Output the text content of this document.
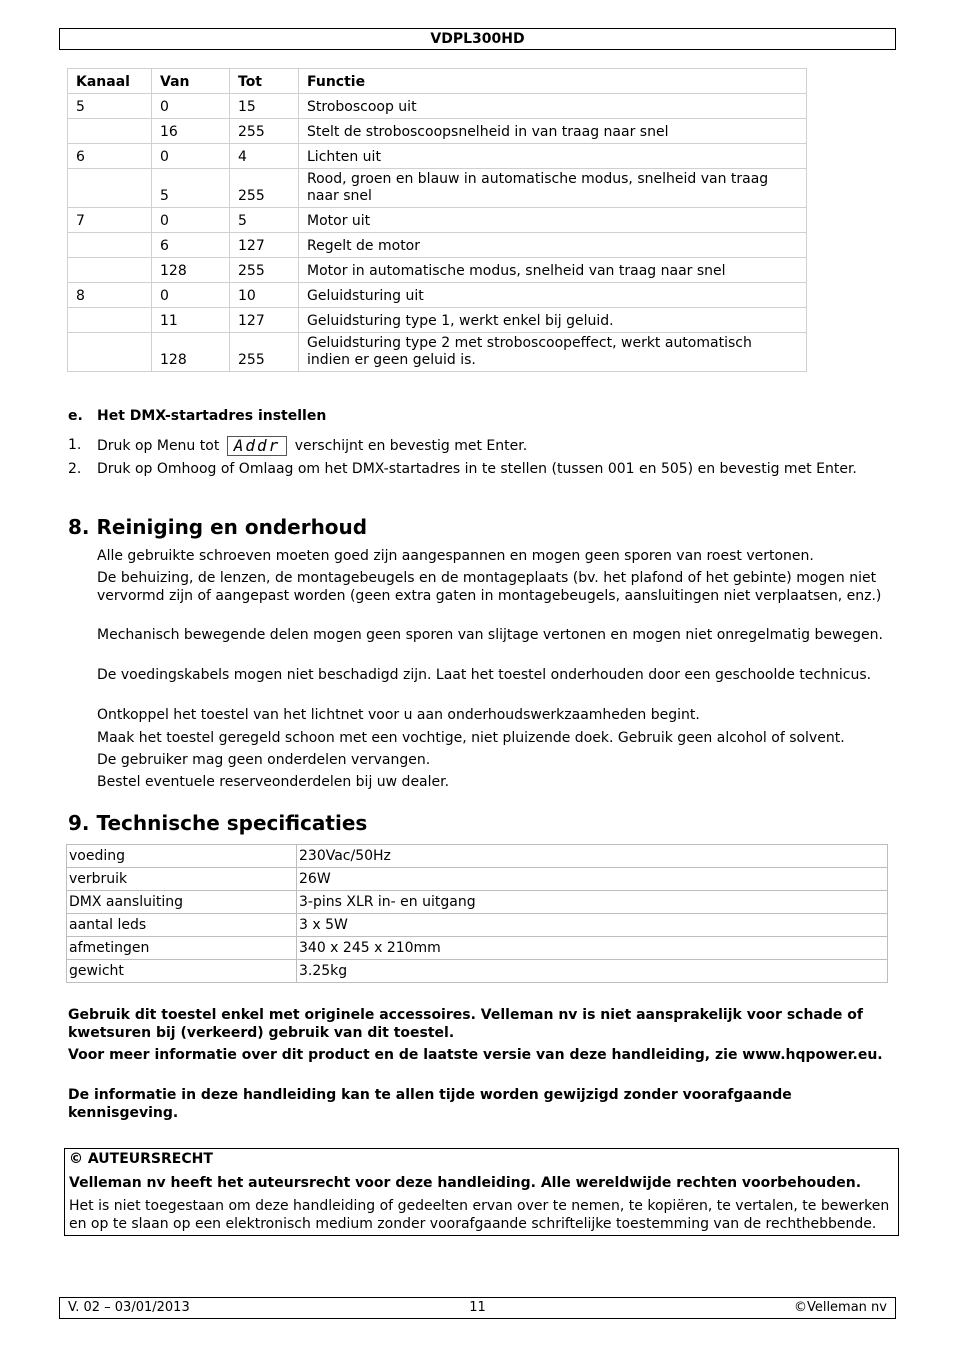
VDPL300HD
Kanaal	Van	Tot	Functie
5	0	15	Stroboscoop uit
	16	255	Stelt de stroboscoopsnelheid in van traag naar snel
6	0	4	Lichten uit
	5	255	Rood, groen en blauw in automatische modus, snelheid van traag naar snel
7	0	5	Motor uit
	6	127	Regelt de motor
	128	255	Motor in automatische modus, snelheid van traag naar snel
8	0	10	Geluidsturing uit
	11	127	Geluidsturing type 1, werkt enkel bij geluid.
	128	255	Geluidsturing type 2 met stroboscoopeffect, werkt automatisch indien er geen geluid is.
e. Het DMX-startadres instellen
1. Druk op Menu tot Addr verschijnt en bevestig met Enter.
2. Druk op Omhoog of Omlaag om het DMX-startadres in te stellen (tussen 001 en 505) en bevestig met Enter.
8. Reiniging en onderhoud
Alle gebruikte schroeven moeten goed zijn aangespannen en mogen geen sporen van roest vertonen.
De behuizing, de lenzen, de montagebeugels en de montageplaats (bv. het plafond of het gebinte) mogen niet vervormd zijn of aangepast worden (geen extra gaten in montagebeugels, aansluitingen niet verplaatsen, enz.)
Mechanisch bewegende delen mogen geen sporen van slijtage vertonen en mogen niet onregelmatig bewegen.
De voedingskabels mogen niet beschadigd zijn. Laat het toestel onderhouden door een geschoolde technicus.
Ontkoppel het toestel van het lichtnet voor u aan onderhoudswerkzaamheden begint.
Maak het toestel geregeld schoon met een vochtige, niet pluizende doek. Gebruik geen alcohol of solvent.
De gebruiker mag geen onderdelen vervangen.
Bestel eventuele reserveonderdelen bij uw dealer.
9. Technische specificaties
voeding	230Vac/50Hz
verbruik	26W
DMX aansluiting	3-pins XLR in- en uitgang
aantal leds	3 x 5W
afmetingen	340 x 245 x 210mm
gewicht	3.25kg
Gebruik dit toestel enkel met originele accessoires. Velleman nv is niet aansprakelijk voor schade of kwetsuren bij (verkeerd) gebruik van dit toestel.
Voor meer informatie over dit product en de laatste versie van deze handleiding, zie www.hqpower.eu.
De informatie in deze handleiding kan te allen tijde worden gewijzigd zonder voorafgaande kennisgeving.
© AUTEURSRECHT
Velleman nv heeft het auteursrecht voor deze handleiding. Alle wereldwijde rechten voorbehouden.
Het is niet toegestaan om deze handleiding of gedeelten ervan over te nemen, te kopiëren, te vertalen, te bewerken en op te slaan op een elektronisch medium zonder voorafgaande schriftelijke toestemming van de rechthebbende.
V. 02 – 03/01/2013	11	©Velleman nv
